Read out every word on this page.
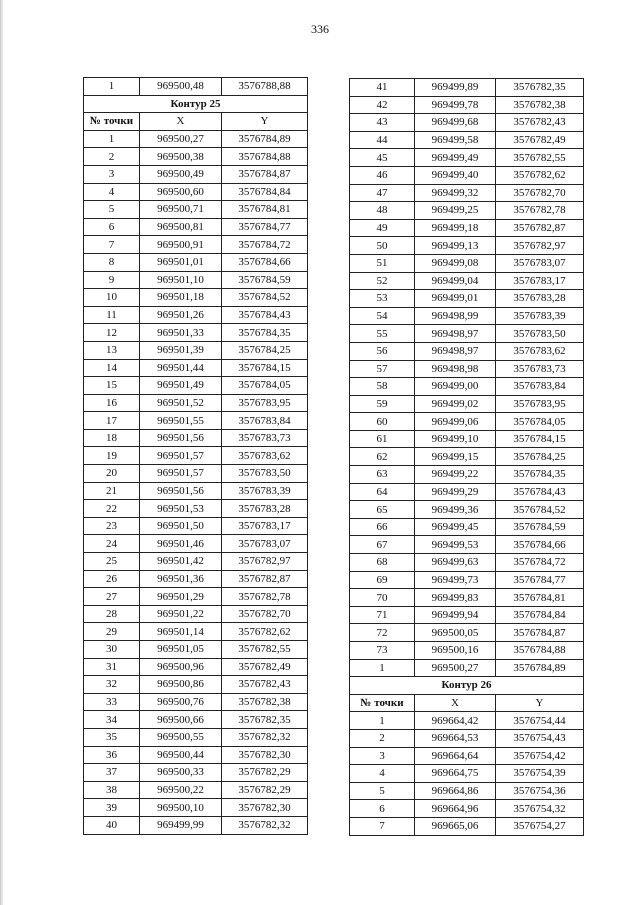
336
1	969500,48	3576788,88
Контур 25		
№ точки	X	Y
1	969500,27	3576784,89
2	969500,38	3576784,88
3	969500,49	3576784,87
4	969500,60	3576784,84
5	969500,71	3576784,81
6	969500,81	3576784,77
7	969500,91	3576784,72
8	969501,01	3576784,66
9	969501,10	3576784,59
10	969501,18	3576784,52
11	969501,26	3576784,43
12	969501,33	3576784,35
13	969501,39	3576784,25
14	969501,44	3576784,15
15	969501,49	3576784,05
16	969501,52	3576783,95
17	969501,55	3576783,84
18	969501,56	3576783,73
19	969501,57	3576783,62
20	969501,57	3576783,50
21	969501,56	3576783,39
22	969501,53	3576783,28
23	969501,50	3576783,17
24	969501,46	3576783,07
25	969501,42	3576782,97
26	969501,36	3576782,87
27	969501,29	3576782,78
28	969501,22	3576782,70
29	969501,14	3576782,62
30	969501,05	3576782,55
31	969500,96	3576782,49
32	969500,86	3576782,43
33	969500,76	3576782,38
34	969500,66	3576782,35
35	969500,55	3576782,32
36	969500,44	3576782,30
37	969500,33	3576782,29
38	969500,22	3576782,29
39	969500,10	3576782,30
40	969499,99	3576782,32
41	969499,89	3576782,35
42	969499,78	3576782,38
43	969499,68	3576782,43
44	969499,58	3576782,49
45	969499,49	3576782,55
46	969499,40	3576782,62
47	969499,32	3576782,70
48	969499,25	3576782,78
49	969499,18	3576782,87
50	969499,13	3576782,97
51	969499,08	3576783,07
52	969499,04	3576783,17
53	969499,01	3576783,28
54	969498,99	3576783,39
55	969498,97	3576783,50
56	969498,97	3576783,62
57	969498,98	3576783,73
58	969499,00	3576783,84
59	969499,02	3576783,95
60	969499,06	3576784,05
61	969499,10	3576784,15
62	969499,15	3576784,25
63	969499,22	3576784,35
64	969499,29	3576784,43
65	969499,36	3576784,52
66	969499,45	3576784,59
67	969499,53	3576784,66
68	969499,63	3576784,72
69	969499,73	3576784,77
70	969499,83	3576784,81
71	969499,94	3576784,84
72	969500,05	3576784,87
73	969500,16	3576784,88
1	969500,27	3576784,89
Контур 26		
№ точки	X	Y
1	969664,42	3576754,44
2	969664,53	3576754,43
3	969664,64	3576754,42
4	969664,75	3576754,39
5	969664,86	3576754,36
6	969664,96	3576754,32
7	969665,06	3576754,27
